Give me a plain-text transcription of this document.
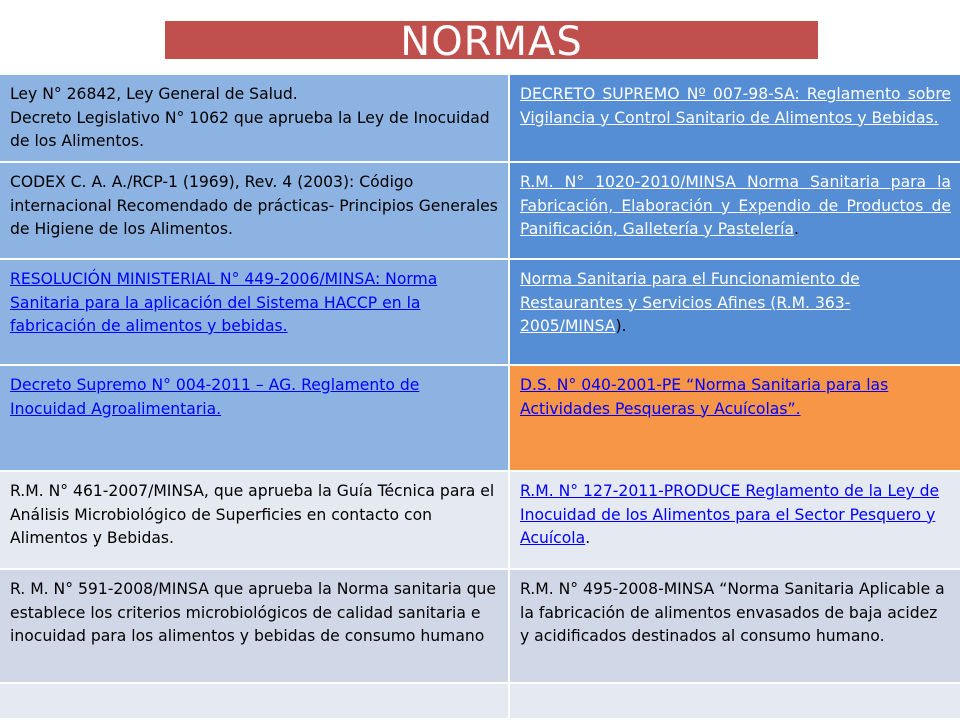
NORMAS
Ley N° 26842, Ley General de Salud.
Decreto Legislativo N° 1062 que aprueba la Ley de Inocuidad de los Alimentos.
DECRETO SUPREMO Nº 007-98-SA: Reglamento sobre Vigilancia y Control Sanitario de Alimentos y Bebidas.
CODEX C. A. A./RCP-1 (1969), Rev. 4 (2003): Código internacional Recomendado de prácticas- Principios Generales de Higiene de los Alimentos.
R.M. N° 1020-2010/MINSA Norma Sanitaria para la Fabricación, Elaboración y Expendio de Productos de Panificación, Galletería y Pastelería.
RESOLUCIÓN MINISTERIAL N° 449-2006/MINSA: Norma Sanitaria para la aplicación del Sistema HACCP en la fabricación de alimentos y bebidas.
Norma Sanitaria para el Funcionamiento de Restaurantes y Servicios Afines (R.M. 363-2005/MINSA).
Decreto Supremo N° 004-2011 – AG. Reglamento de Inocuidad Agroalimentaria.
D.S. N° 040-2001-PE “Norma Sanitaria para las Actividades Pesqueras y Acuícolas”.
R.M. N° 461-2007/MINSA, que aprueba la Guía Técnica para el Análisis Microbiológico de Superficies en contacto con Alimentos y Bebidas.
R.M. N° 127-2011-PRODUCE Reglamento de la Ley de Inocuidad de los Alimentos para el Sector Pesquero y Acuícola.
R. M. N° 591-2008/MINSA que aprueba la Norma sanitaria que establece los criterios microbiológicos de calidad sanitaria e inocuidad para los alimentos y bebidas de consumo humano
R.M. N° 495-2008-MINSA “Norma Sanitaria Aplicable a la fabricación de alimentos envasados de baja acidez y acidificados destinados al consumo humano.
